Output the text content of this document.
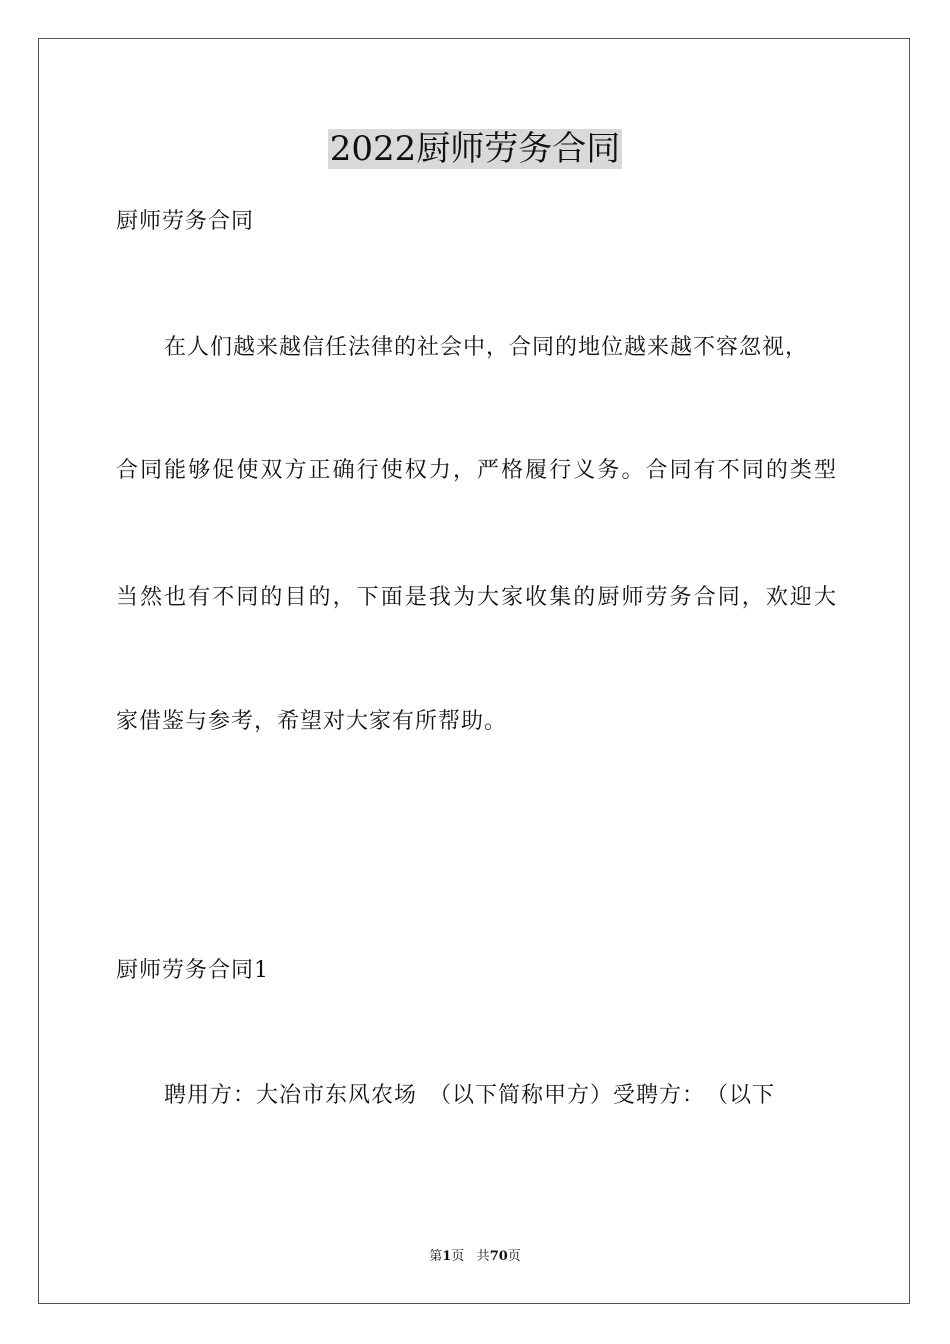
2022厨师劳务合同
厨师劳务合同
在人们越来越信任法律的社会中，合同的地位越来越不容忽视，
合同能够促使双方正确行使权力，严格履行义务。合同有不同的类型
当然也有不同的目的，下面是我为大家收集的厨师劳务合同，欢迎大
家借鉴与参考，希望对大家有所帮助。
厨师劳务合同1
聘用方：大冶市东风农场　（以下简称甲方）受聘方：　（以下
第1页 共70页
